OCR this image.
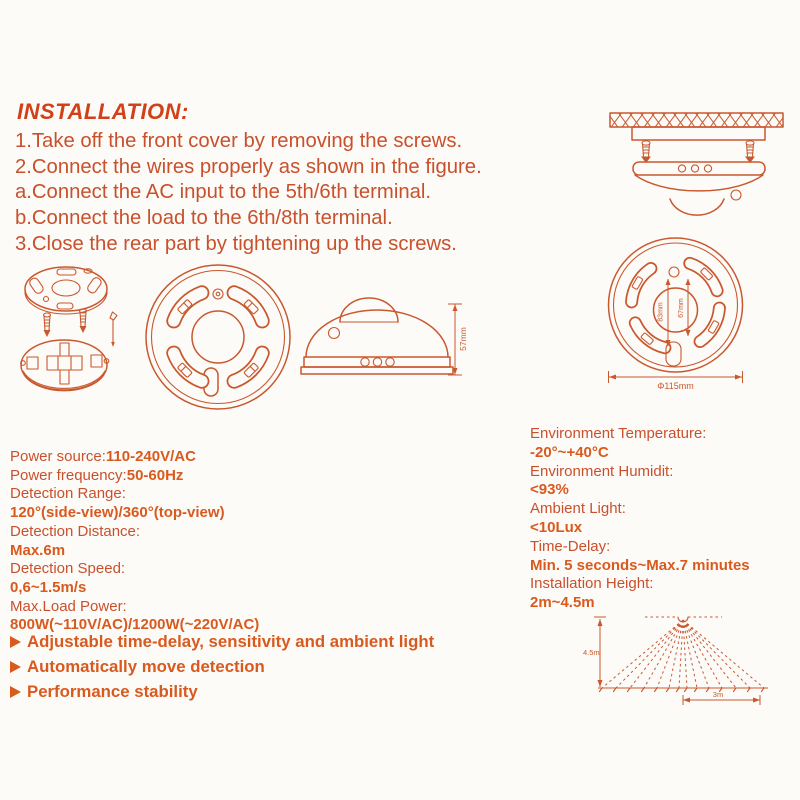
INSTALLATION:
1.Take off the front cover by removing the screws.
2.Connect the wires properly as shown in the figure.
a.Connect the AC input to the 5th/6th terminal.
b.Connect the load to the 6th/8th terminal.
3.Close the rear part by tightening up the screws.
57mm
83mm 67mm
Φ115mm
Power source:110-240V/AC
Power frequency:50-60Hz
Detection Range:
120°(side-view)/360°(top-view)
Detection Distance:
Max.6m
Detection Speed:
0,6~1.5m/s
Max.Load Power:
800W(~110V/AC)/1200W(~220V/AC)
Adjustable time-delay, sensitivity and ambient light
Automatically move detection
Performance stability
Environment Temperature:
-20°~+40°C
Environment Humidit:
<93%
Ambient Light:
<10Lux
Time-Delay:
Min. 5 seconds~Max.7 minutes
Installation Height:
2m~4.5m
4.5m
3m
